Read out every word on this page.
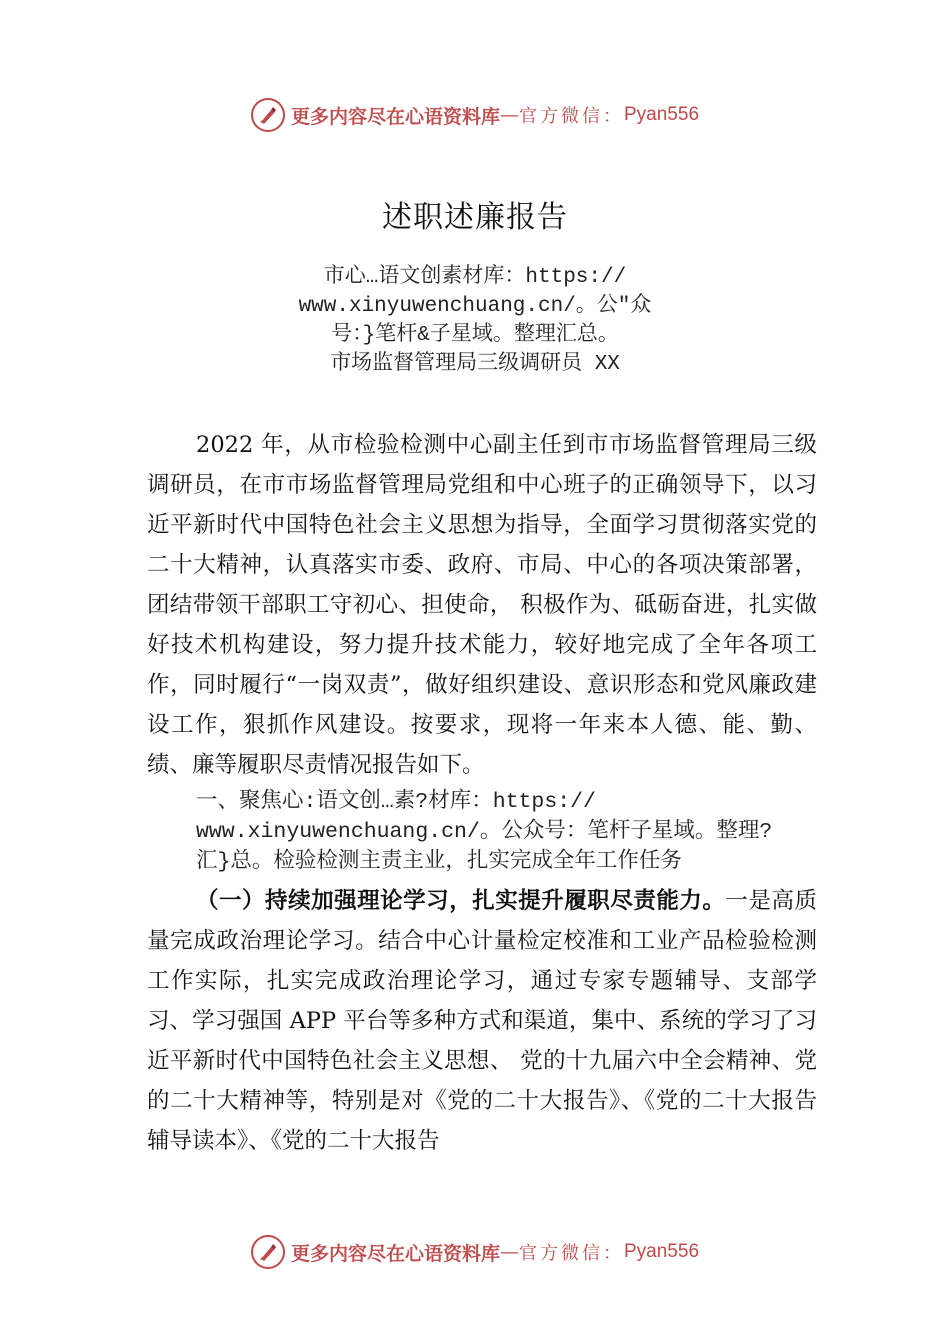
更多内容尽在心语资料库 — 官方微信： Pyan556
述职述廉报告
市心…语文创素材库：https://
www.xinyuwenchuang.cn/。公"众
号：}笔杆&子星域。整理汇总。
市场监督管理局三级调研员 XX

2022 年，从市检验检测中心副主任到市市场监督管理局三级调研员，在市市场监督管理局党组和中心班子的正确领导下，以习近平新时代中国特色社会主义思想为指导，全面学习贯彻落实党的二十大精神，认真落实市委、政府、市局、中心的各项决策部署，团结带领干部职工守初心、担使命， 积极作为、砥砺奋进，扎实做好技术机构建设，努力提升技术能力，较好地完成了全年各项工作，同时履行“一岗双责”，做好组织建设、意识形态和党风廉政建设工作，狠抓作风建设。按要求，现将一年来本人德、能、勤、绩、廉等履职尽责情况报告如下。

一、聚焦心:语文创…素?材库：https://
www.xinyuwenchuang.cn/。公众号：笔杆子星域。整理?
汇}总。检验检测主责主业，扎实完成全年工作任务

（一）持续加强理论学习，扎实提升履职尽责能力。一是高质量完成政治理论学习。结合中心计量检定校准和工业产品检验检测工作实际，扎实完成政治理论学习，通过专家专题辅导、支部学习、学习强国 APP 平台等多种方式和渠道，集中、系统的学习了习近平新时代中国特色社会主义思想、 党的十九届六中全会精神、党的二十大精神等，特别是对《党的二十大报告》、《党的二十大报告辅导读本》、《党的二十大报告

更多内容尽在心语资料库 — 官方微信： Pyan556
